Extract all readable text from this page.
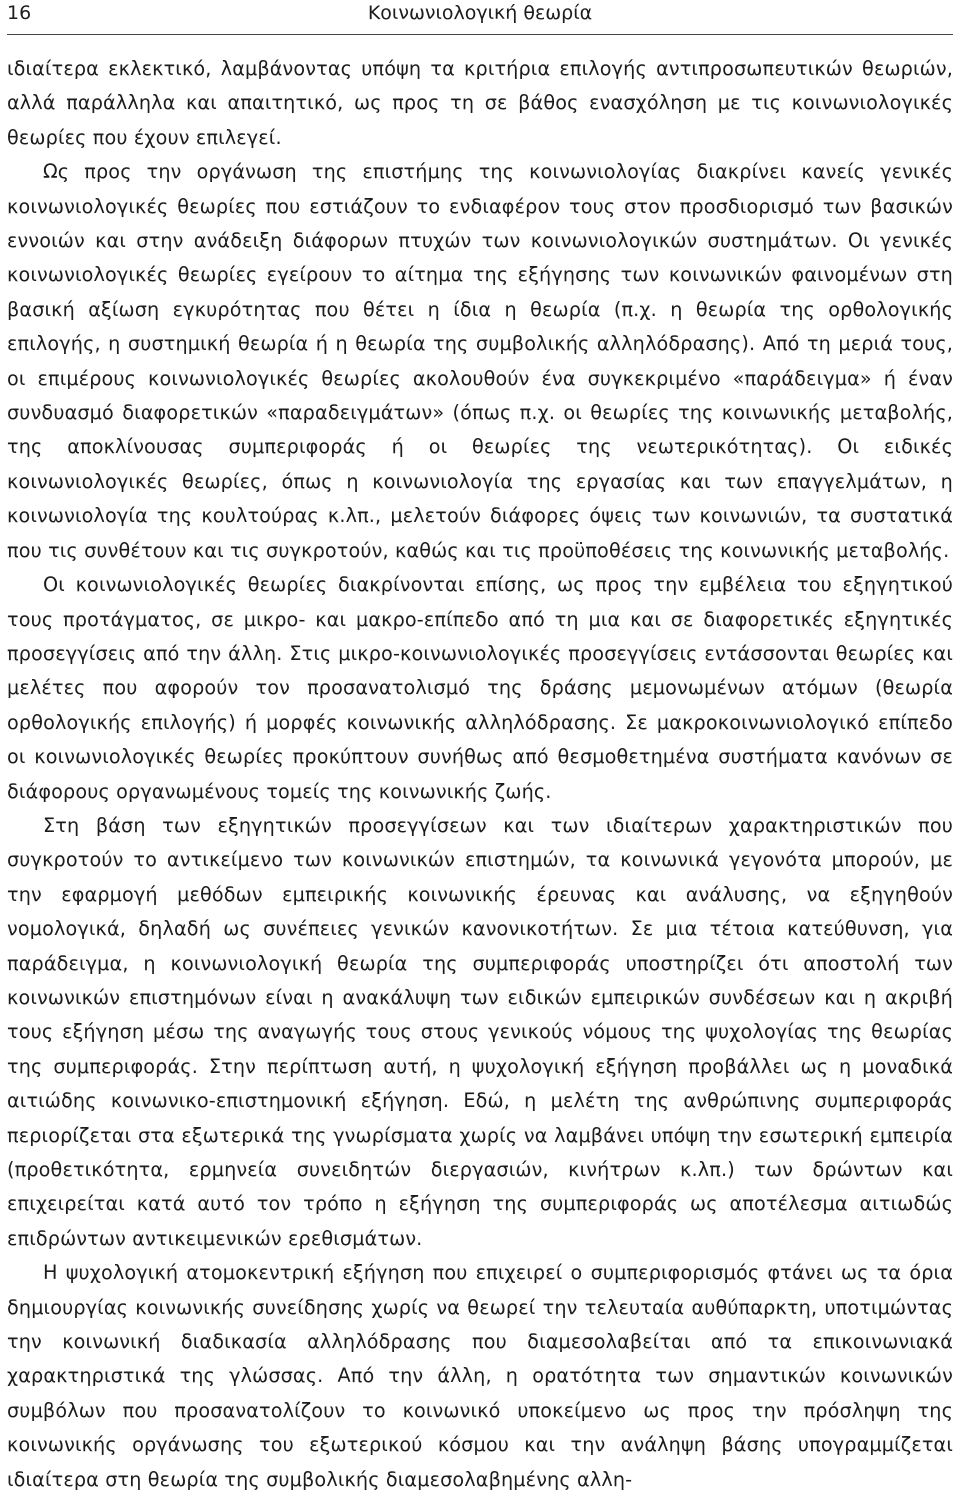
16	Κοινωνιολογική θεωρία

ιδιαίτερα εκλεκτικό, λαμβάνοντας υπόψη τα κριτήρια επιλογής αντιπροσωπευτικών θεωριών, αλλά παράλληλα και απαιτητικό, ως προς τη σε βάθος ενασχόληση με τις κοινωνιολογικές θεωρίες που έχουν επιλεγεί.

Ως προς την οργάνωση της επιστήμης της κοινωνιολογίας διακρίνει κανείς γενικές κοινωνιολογικές θεωρίες που εστιάζουν το ενδιαφέρον τους στον προσδιορισμό των βασικών εννοιών και στην ανάδειξη διάφορων πτυχών των κοινωνιολογικών συστημάτων. Οι γενικές κοινωνιολογικές θεωρίες εγείρουν το αίτημα της εξήγησης των κοινωνικών φαινομένων στη βασική αξίωση εγκυρότητας που θέτει η ίδια η θεωρία (π.χ. η θεωρία της ορθολογικής επιλογής, η συστημική θεωρία ή η θεωρία της συμβολικής αλληλόδρασης). Από τη μεριά τους, οι επιμέρους κοινωνιολογικές θεωρίες ακολουθούν ένα συγκεκριμένο «παράδειγμα» ή έναν συνδυασμό διαφορετικών «παραδειγμάτων» (όπως π.χ. οι θεωρίες της κοινωνικής μεταβολής, της αποκλίνουσας συμπεριφοράς ή οι θεωρίες της νεωτερικότητας). Οι ειδικές κοινωνιολογικές θεωρίες, όπως η κοινωνιολογία της εργασίας και των επαγγελμάτων, η κοινωνιολογία της κουλτούρας κ.λπ., μελετούν διάφορες όψεις των κοινωνιών, τα συστατικά που τις συνθέτουν και τις συγκροτούν, καθώς και τις προϋποθέσεις της κοινωνικής μεταβολής.

Οι κοινωνιολογικές θεωρίες διακρίνονται επίσης, ως προς την εμβέλεια του εξηγητικού τους προτάγματος, σε μικρο- και μακρο-επίπεδο από τη μια και σε διαφορετικές εξηγητικές προσεγγίσεις από την άλλη. Στις μικρο-κοινωνιολογικές προσεγγίσεις εντάσσονται θεωρίες και μελέτες που αφορούν τον προσανατολισμό της δράσης μεμονωμένων ατόμων (θεωρία ορθολογικής επιλογής) ή μορφές κοινωνικής αλληλόδρασης. Σε μακροκοινωνιολογικό επίπεδο οι κοινωνιολογικές θεωρίες προκύπτουν συνήθως από θεσμοθετημένα συστήματα κανόνων σε διάφορους οργανωμένους τομείς της κοινωνικής ζωής.

Στη βάση των εξηγητικών προσεγγίσεων και των ιδιαίτερων χαρακτηριστικών που συγκροτούν το αντικείμενο των κοινωνικών επιστημών, τα κοινωνικά γεγονότα μπορούν, με την εφαρμογή μεθόδων εμπειρικής κοινωνικής έρευνας και ανάλυσης, να εξηγηθούν νομολογικά, δηλαδή ως συνέπειες γενικών κανονικοτήτων. Σε μια τέτοια κατεύθυνση, για παράδειγμα, η κοινωνιολογική θεωρία της συμπεριφοράς υποστηρίζει ότι αποστολή των κοινωνικών επιστημόνων είναι η ανακάλυψη των ειδικών εμπειρικών συνδέσεων και η ακριβή τους εξήγηση μέσω της αναγωγής τους στους γενικούς νόμους της ψυχολογίας της θεωρίας της συμπεριφοράς. Στην περίπτωση αυτή, η ψυχολογική εξήγηση προβάλλει ως η μοναδικά αιτιώδης κοινωνικο-επιστημονική εξήγηση. Εδώ, η μελέτη της ανθρώπινης συμπεριφοράς περιορίζεται στα εξωτερικά της γνωρίσματα χωρίς να λαμβάνει υπόψη την εσωτερική εμπειρία (προθετικότητα, ερμηνεία συνειδητών διεργασιών, κινήτρων κ.λπ.) των δρώντων και επιχειρείται κατά αυτό τον τρόπο η εξήγηση της συμπεριφοράς ως αποτέλεσμα αιτιωδώς επιδρώντων αντικειμενικών ερεθισμάτων.

Η ψυχολογική ατομοκεντρική εξήγηση που επιχειρεί ο συμπεριφορισμός φτάνει ως τα όρια δημιουργίας κοινωνικής συνείδησης χωρίς να θεωρεί την τελευταία αυθύπαρκτη, υποτιμώντας την κοινωνική διαδικασία αλληλόδρασης που διαμεσολαβείται από τα επικοινωνιακά χαρακτηριστικά της γλώσσας. Από την άλλη, η ορατότητα των σημαντικών κοινωνικών συμβόλων που προσανατολίζουν το κοινωνικό υποκείμενο ως προς την πρόσληψη της κοινωνικής οργάνωσης του εξωτερικού κόσμου και την ανάληψη βάσης υπογραμμίζεται ιδιαίτερα στη θεωρία της συμβολικής διαμεσολαβημένης αλλη-
